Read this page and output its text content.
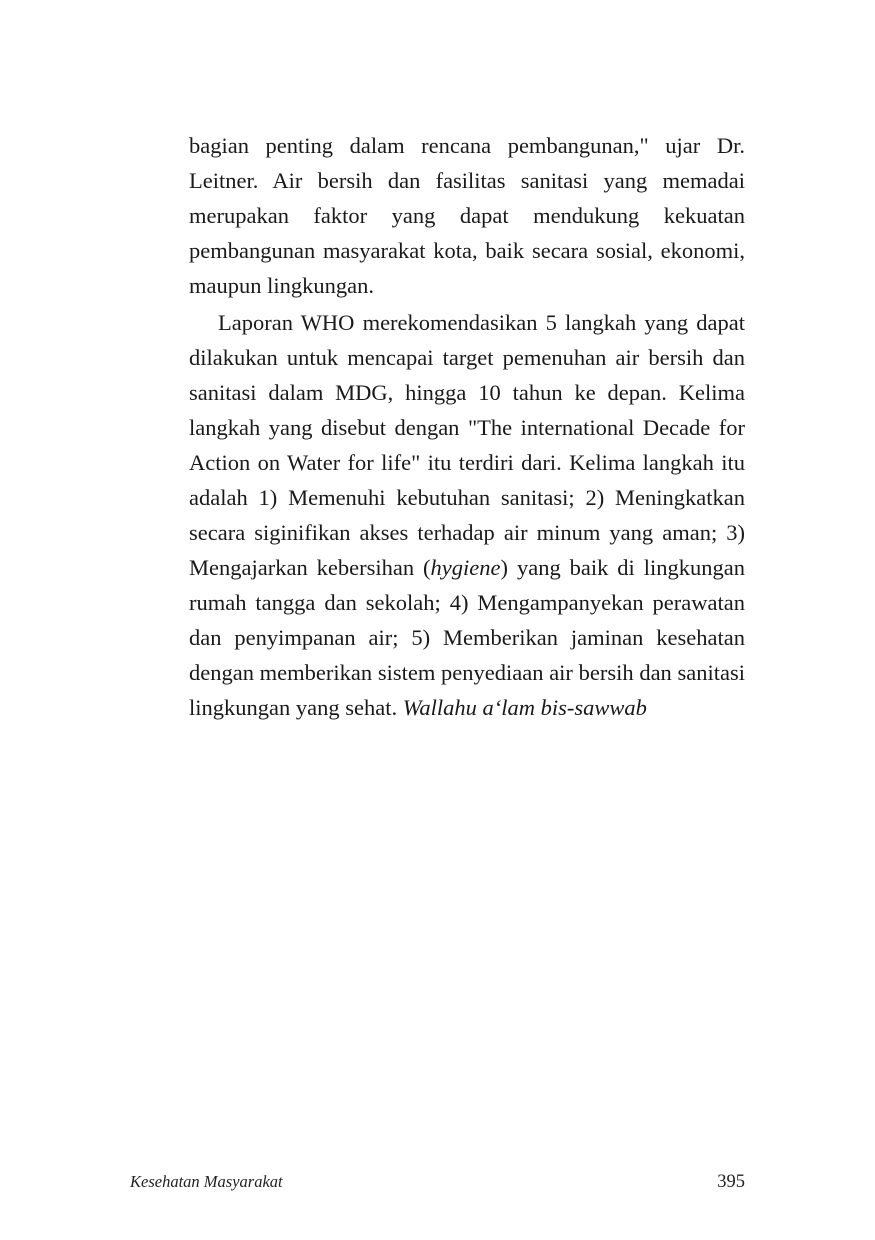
bagian penting dalam rencana pembangunan," ujar Dr. Leitner. Air bersih dan fasilitas sanitasi yang memadai merupakan faktor yang dapat mendukung kekuatan pembangunan masyarakat kota, baik secara sosial, ekonomi, maupun lingkungan.

Laporan WHO merekomendasikan 5 langkah yang dapat dilakukan untuk mencapai target pemenuhan air bersih dan sanitasi dalam MDG, hingga 10 tahun ke depan. Kelima langkah yang disebut dengan "The international Decade for Action on Water for life" itu terdiri dari. Kelima langkah itu adalah 1) Memenuhi kebutuhan sanitasi; 2) Meningkatkan secara siginifikan akses terhadap air minum yang aman; 3) Mengajarkan kebersihan (hygiene) yang baik di lingkungan rumah tangga dan sekolah; 4) Mengampanyekan perawatan dan penyimpanan air; 5) Memberikan jaminan kesehatan dengan memberikan sistem penyediaan air bersih dan sanitasi lingkungan yang sehat. Wallahu a‘lam bis-sawwab

Kesehatan Masyarakat	395
